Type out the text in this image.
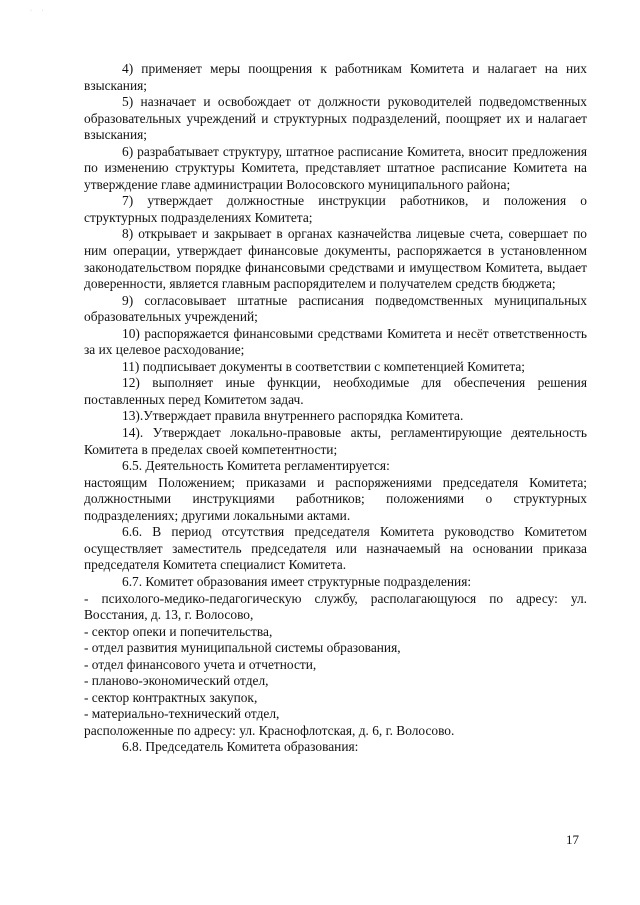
· ·

4) применяет меры поощрения к работникам Комитета и налагает на них взыскания;

5) назначает и освобождает от должности руководителей подведомственных образовательных учреждений и структурных подразделений, поощряет их и налагает взыскания;

6) разрабатывает структуру, штатное расписание Комитета, вносит предложения по изменению структуры Комитета, представляет штатное расписание Комитета на утверждение главе администрации Волосовского муниципального района;

7) утверждает должностные инструкции работников, и положения о структурных подразделениях Комитета;

8) открывает и закрывает в органах казначейства лицевые счета, совершает по ним операции, утверждает финансовые документы, распоряжается в установленном законодательством порядке финансовыми средствами и имуществом Комитета, выдает доверенности, является главным распорядителем и получателем средств бюджета;

9) согласовывает штатные расписания подведомственных муниципальных образовательных учреждений;

10) распоряжается финансовыми средствами Комитета и несёт ответственность за их целевое расходование;

11) подписывает документы в соответствии с компетенцией Комитета;

12) выполняет иные функции, необходимые для обеспечения решения поставленных перед Комитетом задач.

13).Утверждает правила внутреннего распорядка Комитета.

14). Утверждает локально-правовые акты, регламентирующие деятельность Комитета в пределах своей компетентности;

6.5. Деятельность Комитета регламентируется:

настоящим Положением; приказами и распоряжениями председателя Комитета; должностными инструкциями работников; положениями о структурных подразделениях; другими локальными актами.

6.6. В период отсутствия председателя Комитета руководство Комитетом осуществляет заместитель председателя или назначаемый на основании приказа председателя Комитета специалист Комитета.

6.7. Комитет образования имеет структурные подразделения:

- психолого-медико-педагогическую службу, располагающуюся по адресу: ул. Восстания, д. 13, г. Волосово,

- сектор опеки и попечительства,

- отдел развития муниципальной системы образования,

- отдел финансового учета и отчетности,

- планово-экономический отдел,

- сектор контрактных закупок,

- материально-технический отдел,

расположенные по адресу: ул. Краснофлотская, д. 6, г. Волосово.

6.8. Председатель Комитета образования:

17
